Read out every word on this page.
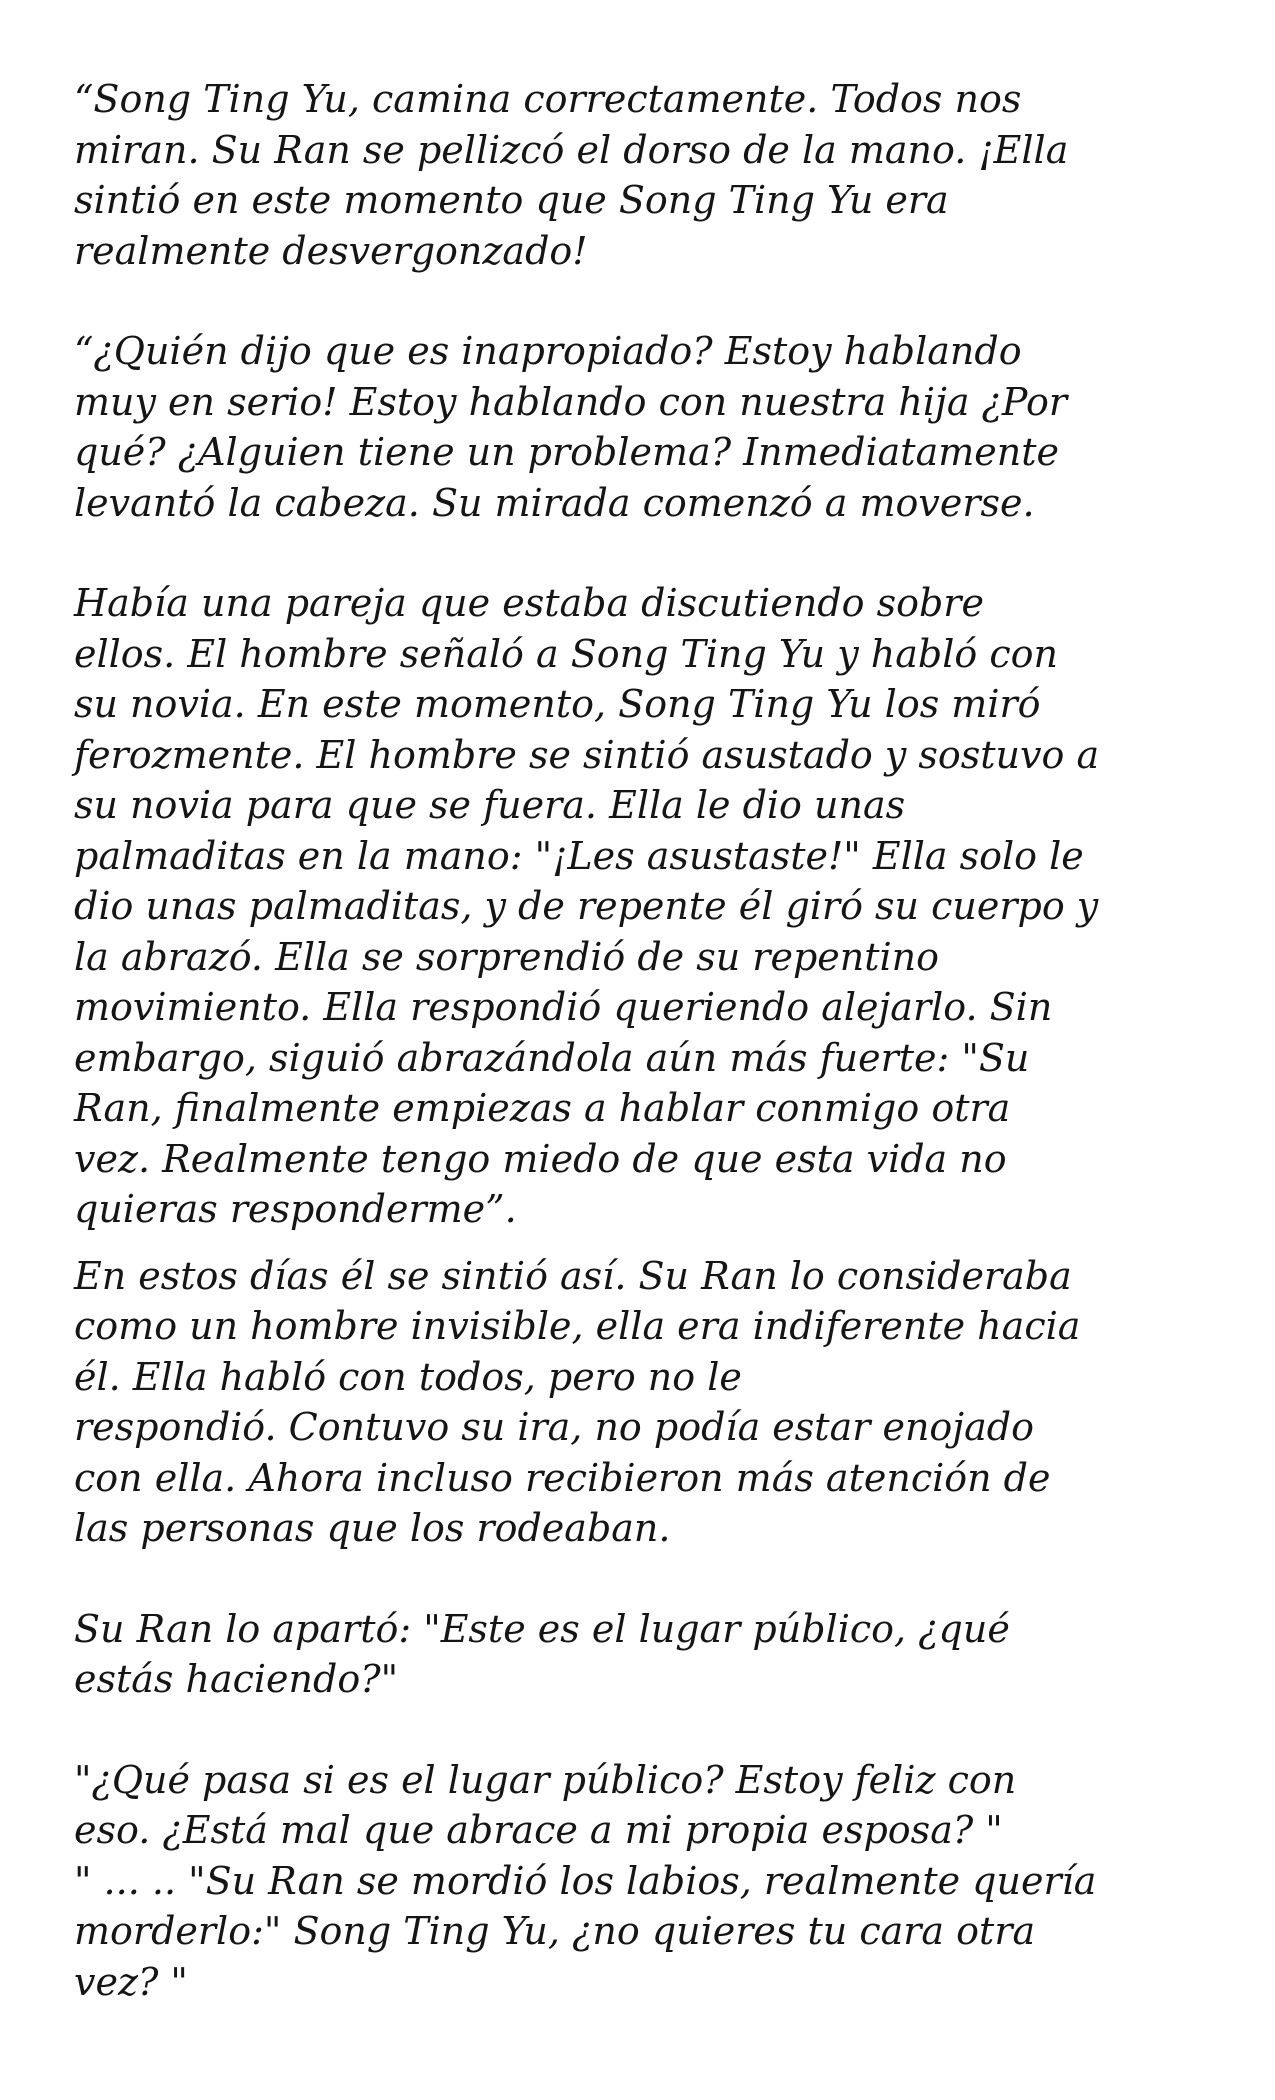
“Song Ting Yu, camina correctamente. Todos nos
miran. Su Ran se pellizcó el dorso de la mano. ¡Ella
sintió en este momento que Song Ting Yu era
realmente desvergonzado!

“¿Quién dijo que es inapropiado? Estoy hablando
muy en serio! Estoy hablando con nuestra hija ¿Por
qué? ¿Alguien tiene un problema? Inmediatamente
levantó la cabeza. Su mirada comenzó a moverse.

Había una pareja que estaba discutiendo sobre
ellos. El hombre señaló a Song Ting Yu y habló con
su novia. En este momento, Song Ting Yu los miró
ferozmente. El hombre se sintió asustado y sostuvo a
su novia para que se fuera. Ella le dio unas
palmaditas en la mano: "¡Les asustaste!" Ella solo le
dio unas palmaditas, y de repente él giró su cuerpo y
la abrazó. Ella se sorprendió de su repentino
movimiento. Ella respondió queriendo alejarlo. Sin
embargo, siguió abrazándola aún más fuerte: "Su
Ran, finalmente empiezas a hablar conmigo otra
vez. Realmente tengo miedo de que esta vida no
quieras responderme”.

En estos días él se sintió así. Su Ran lo consideraba
como un hombre invisible, ella era indiferente hacia
él. Ella habló con todos, pero no le
respondió. Contuvo su ira, no podía estar enojado
con ella. Ahora incluso recibieron más atención de
las personas que los rodeaban.

Su Ran lo apartó: "Este es el lugar público, ¿qué
estás haciendo?"

"¿Qué pasa si es el lugar público? Estoy feliz con
eso. ¿Está mal que abrace a mi propia esposa? "
" ... .. "Su Ran se mordió los labios, realmente quería
morderlo:" Song Ting Yu, ¿no quieres tu cara otra
vez? "
